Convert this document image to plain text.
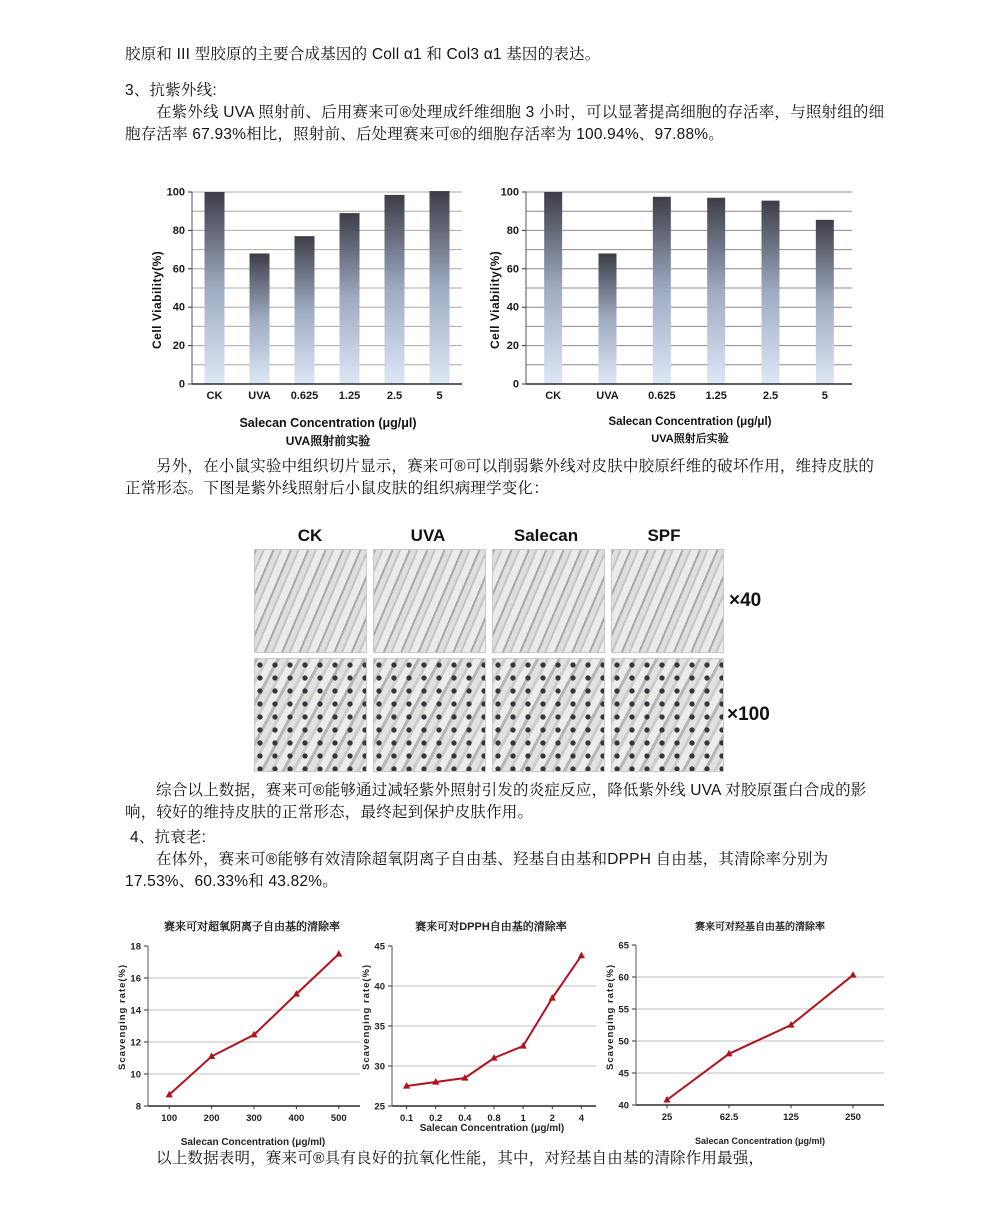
胶原和 III 型胶原的主要合成基因的 Coll α1 和 Col3 α1 基因的表达。
3、抗紫外线:
在紫外线 UVA 照射前、后用赛来可®处理成纤维细胞 3 小时，可以显著提高细胞的存活率，与照射组的细胞存活率 67.93%相比，照射前、后处理赛来可®的细胞存活率为 100.94%、97.88%。
Cell Viability(%)
0
20
40
60
80
100
CK UVA 0.625 1.25 2.5	5
Salecan Concentration (μg/μl)
UVA照射前实验
Cell Viability(%)
0
20
40
60
80
100
CK	UVA	0.625	1.25	2.5	5
Salecan Concentration (μg/μl)
UVA照射后实验
另外，在小鼠实验中组织切片显示，赛来可®可以削弱紫外线对皮肤中胶原纤维的破坏作用，维持皮肤的正常形态。下图是紫外线照射后小鼠皮肤的组织病理学变化：
CK	UVA	Salecan	SPF
×40
×100
综合以上数据，赛来可®能够通过减轻紫外照射引发的炎症反应，降低紫外线 UVA 对胶原蛋白合成的影响，较好的维持皮肤的正常形态，最终起到保护皮肤作用。
4、抗衰老:
在体外，赛来可®能够有效清除超氧阴离子自由基、羟基自由基和DPPH 自由基，其清除率分别为 17.53%、60.33%和 43.82%。
赛来可对超氧阴离子自由基的清除率
Scavenging rate(%)
8
10
12
14
16
18
100	200	300	400	500
Salecan Concentration (μg/ml)
赛来可对DPPH自由基的清除率
Scavenging rate(%)
25
30
35
40
45
0.1 0.2 0.4 0.8 1	2	4
Salecan Concentration (μg/ml)
赛来可对羟基自由基的清除率
Scavenging rate(%)
40
45
50
55
60
65
25	62.5	125	250
Salecan Concentration (μg/ml)
以上数据表明，赛来可®具有良好的抗氧化性能，其中，对羟基自由基的清除作用最强，
